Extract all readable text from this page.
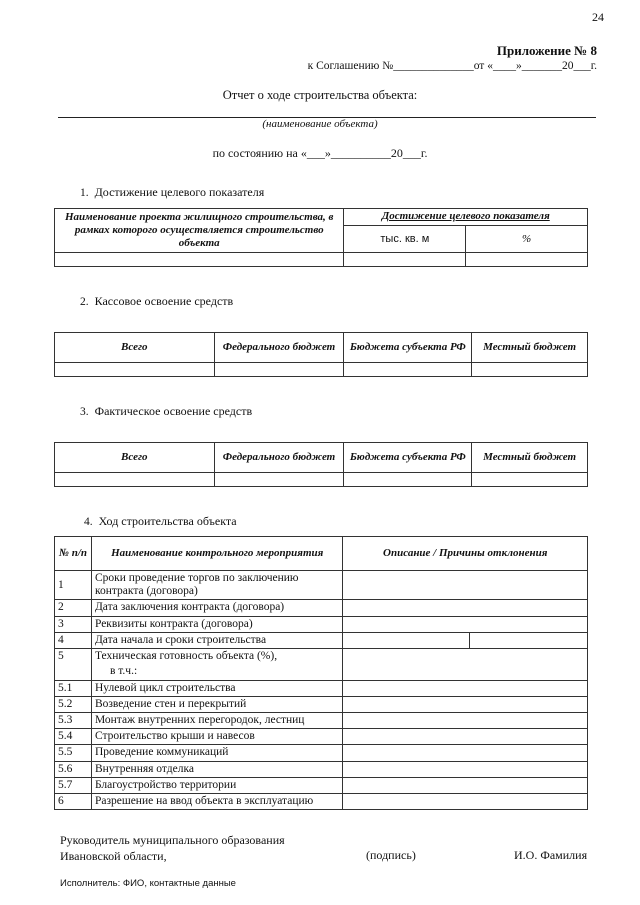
24
Приложение № 8
к Соглашению №______________от «____»_______20___г.
Отчет о ходе строительства объекта:
(наименование объекта)
по состоянию на «___»__________20___г.
1. Достижение целевого показателя
Наименование проекта жилищного строительства, в рамках которого осуществляется строительство объекта	Достижение целевого показателя	
	тыс. кв. м	%

2. Кассовое освоение средств
Всего	Федерального бюджет	Бюджета субъекта РФ	Местный бюджет

3. Фактическое освоение средств
Всего	Федерального бюджет	Бюджета субъекта РФ	Местный бюджет

4. Ход строительства объекта
№ п/п	Наименование контрольного мероприятия	Описание / Причины отклонения	
1	Сроки проведение торгов по заключению контракта (договора)		
2	Дата заключения контракта (договора)		
3	Реквизиты контракта (договора)		
4	Дата начала и сроки строительства		
5	Техническая готовность объекта (%),		
	в т.ч.:		
5.1	Нулевой цикл строительства		
5.2	Возведение стен и перекрытий		
5.3	Монтаж внутренних перегородок, лестниц		
5.4	Строительство крыши и навесов		
5.5	Проведение коммуникаций		
5.6	Внутренняя отделка		
5.7	Благоустройство территории		
6	Разрешение на ввод объекта в эксплуатацию		
Руководитель муниципального образования
Ивановской области,	(подпись)	И.О. Фамилия
Исполнитель: ФИО, контактные данные
